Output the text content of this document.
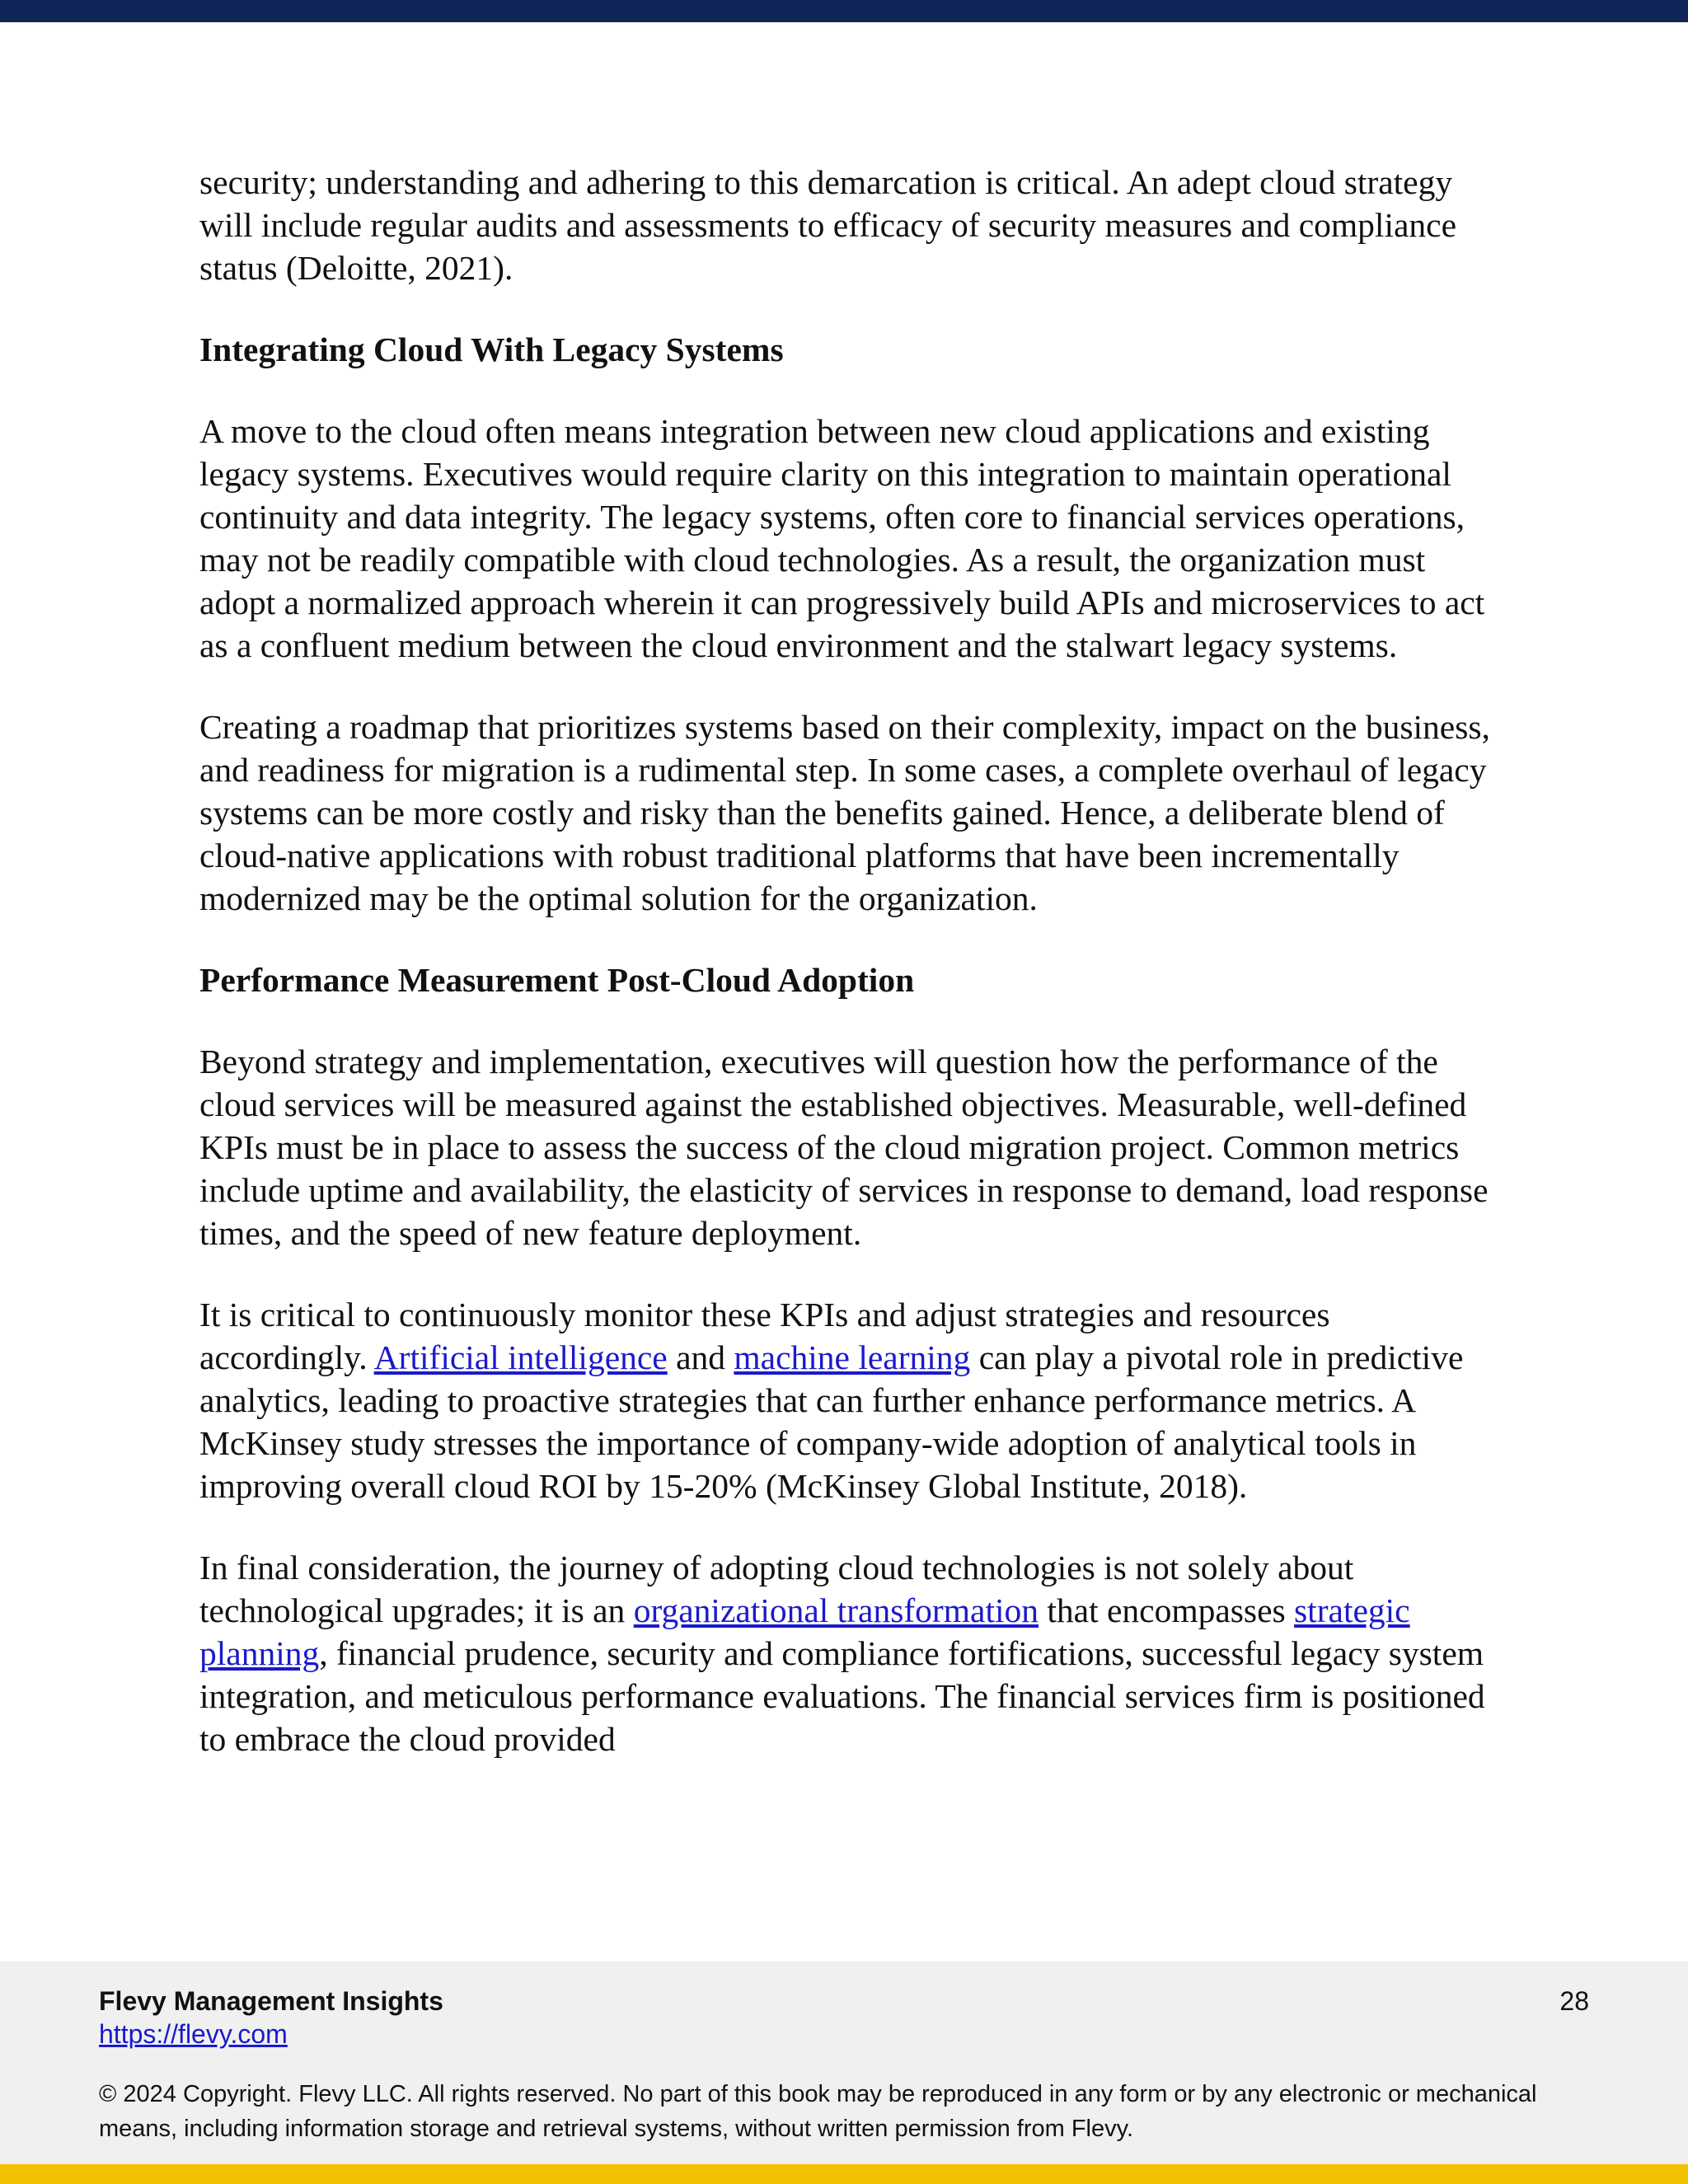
security; understanding and adhering to this demarcation is critical. An adept cloud strategy will include regular audits and assessments to efficacy of security measures and compliance status (Deloitte, 2021).

Integrating Cloud With Legacy Systems

A move to the cloud often means integration between new cloud applications and existing legacy systems. Executives would require clarity on this integration to maintain operational continuity and data integrity. The legacy systems, often core to financial services operations, may not be readily compatible with cloud technologies. As a result, the organization must adopt a normalized approach wherein it can progressively build APIs and microservices to act as a confluent medium between the cloud environment and the stalwart legacy systems.

Creating a roadmap that prioritizes systems based on their complexity, impact on the business, and readiness for migration is a rudimental step. In some cases, a complete overhaul of legacy systems can be more costly and risky than the benefits gained. Hence, a deliberate blend of cloud-native applications with robust traditional platforms that have been incrementally modernized may be the optimal solution for the organization.

Performance Measurement Post-Cloud Adoption

Beyond strategy and implementation, executives will question how the performance of the cloud services will be measured against the established objectives. Measurable, well-defined KPIs must be in place to assess the success of the cloud migration project. Common metrics include uptime and availability, the elasticity of services in response to demand, load response times, and the speed of new feature deployment.

It is critical to continuously monitor these KPIs and adjust strategies and resources accordingly. Artificial intelligence and machine learning can play a pivotal role in predictive analytics, leading to proactive strategies that can further enhance performance metrics. A McKinsey study stresses the importance of company-wide adoption of analytical tools in improving overall cloud ROI by 15-20% (McKinsey Global Institute, 2018).

In final consideration, the journey of adopting cloud technologies is not solely about technological upgrades; it is an organizational transformation that encompasses strategic planning, financial prudence, security and compliance fortifications, successful legacy system integration, and meticulous performance evaluations. The financial services firm is positioned to embrace the cloud provided

Flevy Management Insights
https://flevy.com
28
© 2024 Copyright. Flevy LLC. All rights reserved. No part of this book may be reproduced in any form or by any electronic or mechanical means, including information storage and retrieval systems, without written permission from Flevy.
